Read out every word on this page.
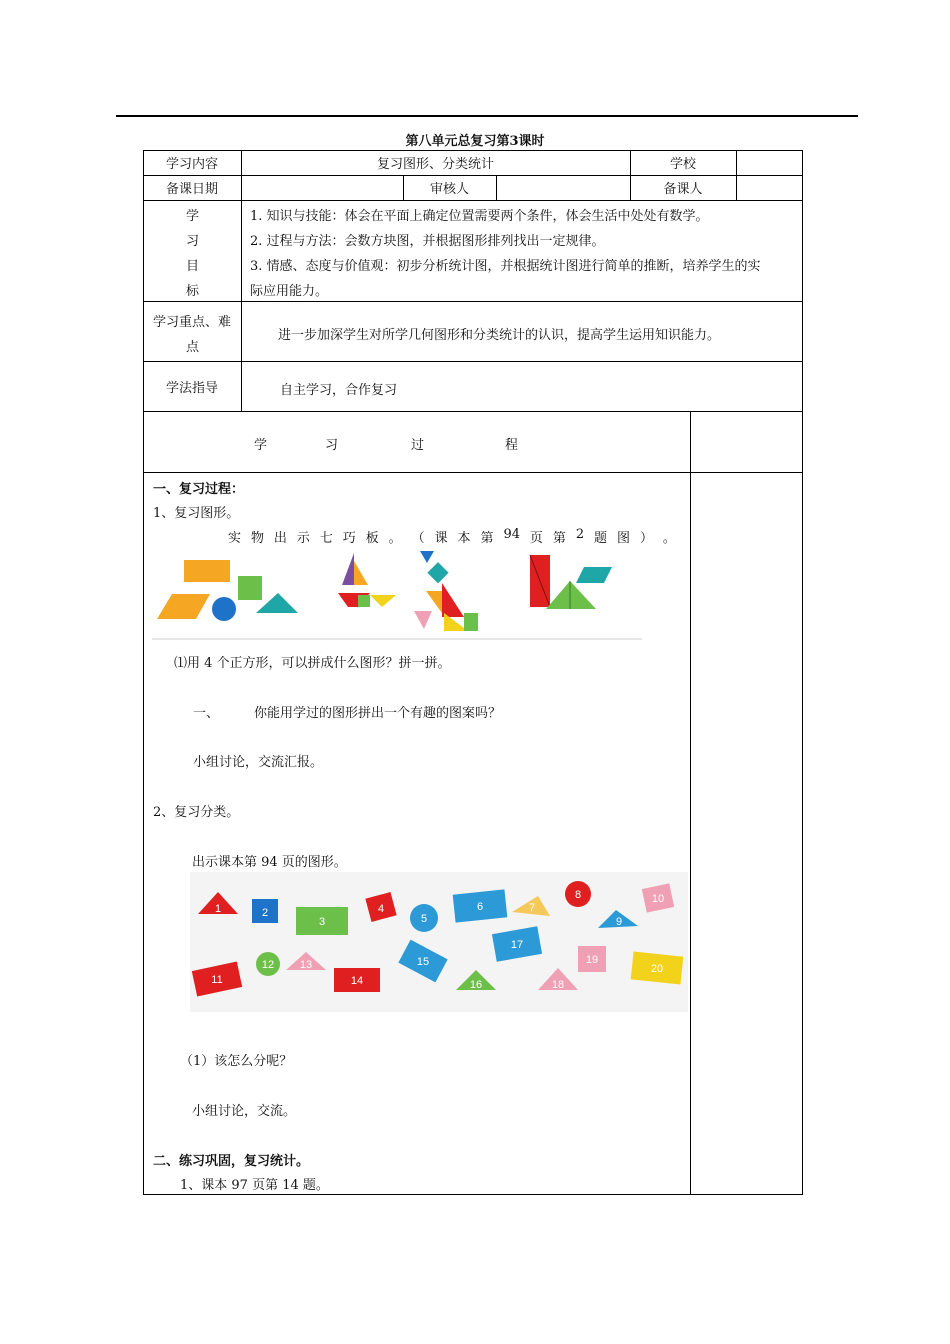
第八单元总复习第3课时
学习内容	复习图形、分类统计	学校
备课日期	审核人	备课人
学
习
目
标
1. 知识与技能：体会在平面上确定位置需要两个条件，体会生活中处处有数学。
2. 过程与方法：会数方块图，并根据图形排列找出一定规律。
3. 情感、态度与价值观：初步分析统计图，并根据统计图进行简单的推断，培养学生的实
际应用能力。
学习重点、难
点
进一步加深学生对所学几何图形和分类统计的认识，提高学生运用知识能力。
学法指导	自主学习，合作复习
学	习	过	程
一、复习过程：
1、复习图形。
实 物 出 示 七 巧 板 。 （ 课 本 第 94 页 第 2 题 图 ） 。
⑴用 4 个正方形，可以拼成什么图形？拼一拼。
一、	你能用学过的图形拼出一个有趣的图案吗？
小组讨论，交流汇报。
2、复习分类。
出示课本第 94 页的图形。
1	2
3
4
5
6	7
8
9
10
11
12 13
14
15
16
17
18
19
20
（1）该怎么分呢？
小组讨论，交流。
二、练习巩固，复习统计。
1、课本 97 页第 14 题。
